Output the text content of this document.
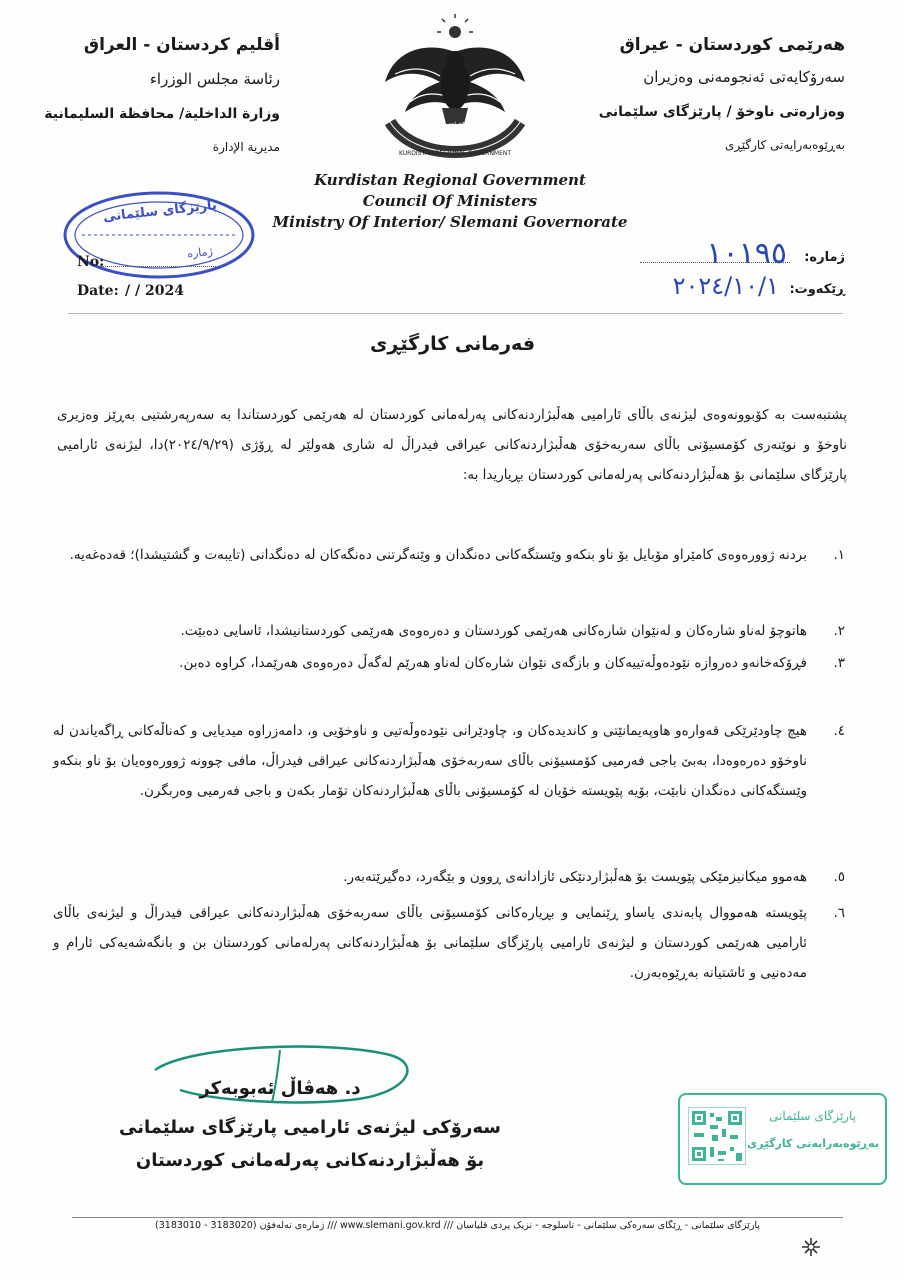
هەرێمی کوردستان - عیراق
سەرۆکایەتی ئەنجومەنی وەزیران
وەزارەتی ناوخۆ / پارێزگای سلێمانی
بەڕێوەبەرایەتی کارگێڕی
أقليم كردستان - العراق
رئاسة مجلس الوزراء
وزارة الداخلية/ محافظة السليمانية
مديرية الإدارة
حکومەتی هەرێمی کوردستان
حكومة إقليم كوردستان
KURDISTAN REGIONAL GOVERNMENT
Kurdistan Regional Government
Council Of Ministers
Ministry Of Interior/ Slemani Governorate
پارێزگای سلێمانی
ژمارە
No:
Date: / / 2024
ژمارە:
١٠١٩٥
ڕێکەوت:
٢٠٢٤/١٠/١
فەرمانی کارگێڕی
پشتبەست بە کۆبوونەوەی لیژنەی باڵای ئارامیی هەڵبژاردنەکانی پەرلەمانی کوردستان لە هەرێمی کوردستاندا بە سەرپەرشتیی بەڕێز وەزیری ناوخۆ و نوێنەری کۆمسیۆنی باڵای سەربەخۆی هەڵبژاردنەکانی عیراقی فیدراڵ لە شاری هەولێر لە ڕۆژی (٢٠٢٤/٩/٢٩)دا، لیژنەی ئارامیی پارێزگای سلێمانی بۆ هەڵبژاردنەکانی پەرلەمانی کوردستان بڕیاریدا بە:
١.
بردنە ژوورەوەی کامێراو مۆبایل بۆ ناو بنکەو وێستگەکانی دەنگدان و وێنەگرتنی دەنگەکان لە دەنگدانی (تایبەت و گشتیشدا)؛ قەدەغەیە.
٢.
هاتوچۆ لەناو شارەکان و لەنێوان شارەکانی هەرێمی کوردستان و دەرەوەی هەرێمی کوردستانیشدا، ئاسایی دەبێت.
٣.
فڕۆکەخانەو دەروازە نێودەوڵەتییەکان و بازگەی نێوان شارەکان لەناو هەرێم لەگەڵ دەرەوەی هەرێمدا، کراوە دەبن.
٤.
هیچ چاودێرێکی قەوارەو هاوپەیمانێتی و کاندیدەکان و، چاودێرانی نێودەوڵەتیی و ناوخۆیی و، دامەزراوە میدیایی و کەناڵەکانی ڕاگەیاندن لە ناوخۆو دەرەوەدا، بەبێ باجی فەرمیی کۆمسیۆنی باڵای سەربەخۆی هەڵبژاردنەکانی عیراقی فیدراڵ، مافی چوونە ژوورەوەیان بۆ ناو بنکەو وێستگەکانی دەنگدان نابێت، بۆیە پێویستە خۆیان لە کۆمسیۆنی باڵای هەڵبژاردنەکان تۆمار بکەن و باجی فەرمیی وەربگرن.
٥.
هەموو میکانیزمێکی پێویست بۆ هەڵبژاردنێکی ئازادانەی ڕوون و بێگەرد، دەگیرێتەبەر.
٦.
پێویستە هەمووال پابەندی یاساو ڕێنمایی و بڕیارەکانی کۆمسیۆنی باڵای سەربەخۆی هەڵبژاردنەکانی عیراقی فیدراڵ و لیژنەی باڵای ئارامیی هەرێمی کوردستان و لیژنەی ئارامیی پارێزگای سلێمانی بۆ هەڵبژاردنەکانی پەرلەمانی کوردستان بن و بانگەشەیەکی ئارام و مەدەنیی و ئاشتیانە بەڕێوەبەرن.
د. هەڤاڵ ئەبوبەکر
سەرۆکی لیژنەی ئارامیی پارێزگای سلێمانی
بۆ هەڵبژاردنەکانی پەرلەمانی کوردستان
پارێزگای سلێمانی
بەڕێوەبەرایەتی کارگێڕی
پارێزگای سلێمانی - ڕێگای سەرەکی سلێمانی - تاسلوجە - نزیک پردی قلیاسان /// www.slemani.gov.krd /// ژمارەی تەلەفۆن (3183020 - 3183010)
